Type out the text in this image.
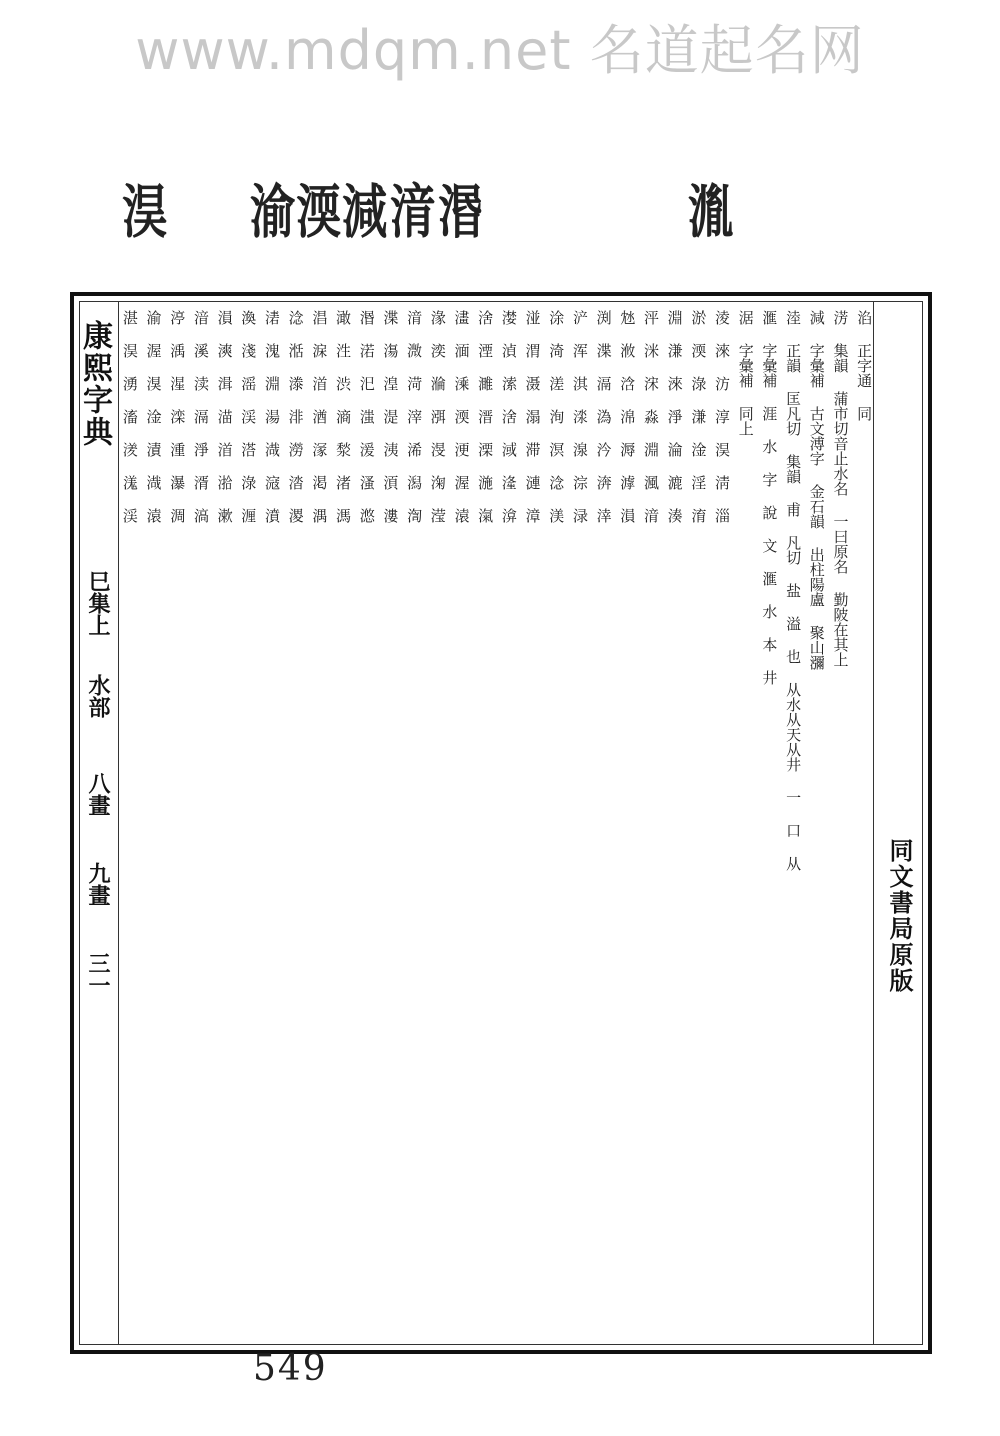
www.mdqm.net 名道起名网
淏 渝 渜 減 湇 湣	湚
康熙字典
巳集上
水部
八畫
九畫
三一	同文書局原版
淊 正字通 同
淓 集韻 蒲市切音止水名 一曰原名 勤陂在其上
減 字彙補 古文溥字 金石韻 出柱陽盧 聚山瀰
淕 正韻 匡凡切 集韻 甫 凡切 盐 溢 也 从水从天从井 一 口 从
滙 字彙補 涯 水 字 說 文 滙 水 本 井
涺 字彙補 同上
淩 淶 汸 淳 淏 淸 淄
淤 渜 淥 溓 淦 淫 淯
淵 溓 淶 淨 淪 漉 湊
泙 洣 浨 淼 淵 渢 湇
沊 浟 浛 淿 溽 滹 溳
渕 渫 滆 溈 汵 渀 涬
浐 浑 淇 渁 湶 淙 渌
涂 渏 溠 洵 溟 淰 渼
湴 渭 滠 溻 滞 漣 漳
漤 湞 溹 涻 淢 湰 渰
涻 湮 濉 溍 溧 湤 滊
澅 湎 溗 渜 浭 渥 溒
湪 湙 溣 渳 渂 淗 滢
湇 溦 渮 滓 浠 潟 渹
渫 漡 湟 湜 洟 湏 漊
湣 渃 汜 滍 湲 溞 滺
澉 泩 渋 滳 湬 渚 溤
淐 淭 渞 湭 溕 渇 湡
淰 湉 漛 渄 澇 涾 溭
湱 溾 淵 湯 渽 滱 濆
渙 淺 滛 渓 溚 淥 湹
溳 漺 湒 渵 渞 湁 漱
湆 溪 渎 滆 淨 湑 滈
渟 渪 湦 滦 湩 瀑 淍
渝 渥 湨 淦 漬 渽 溒
湛 淏 湧 滀 湵 溬 渓
549
